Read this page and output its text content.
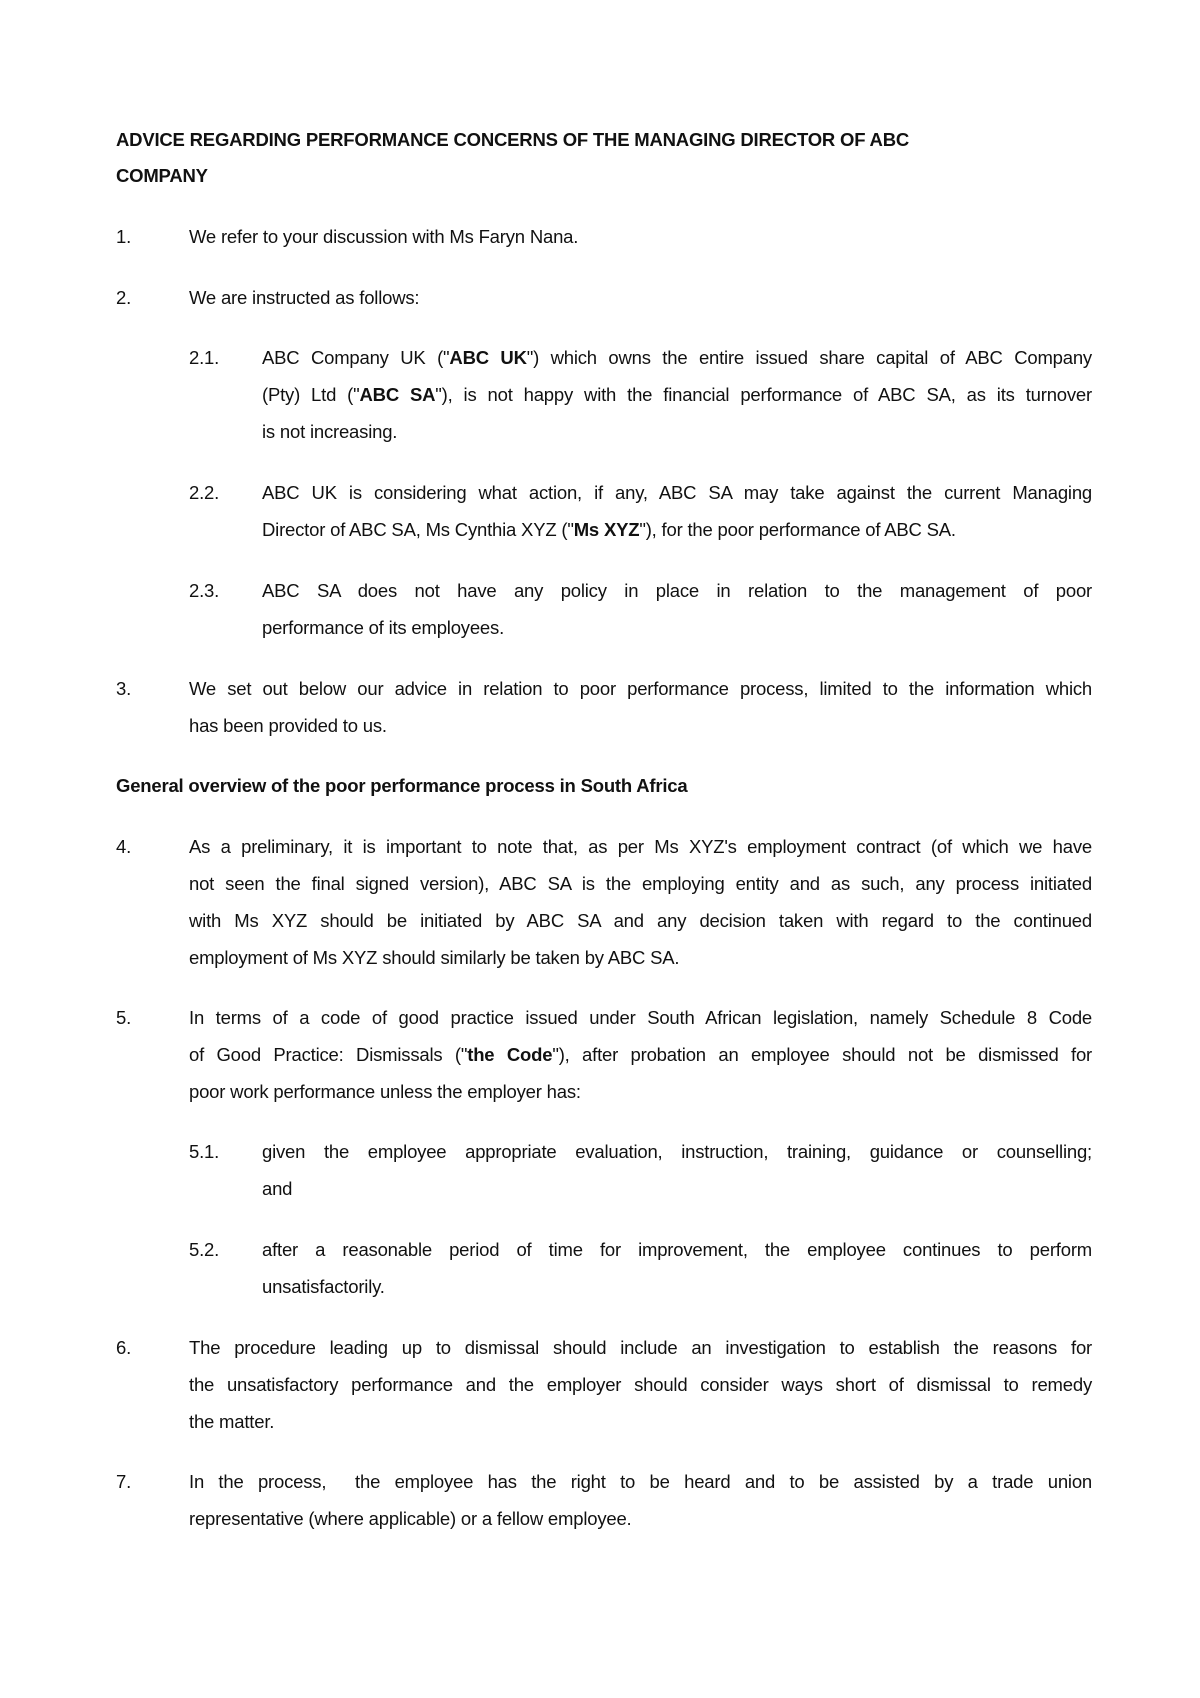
ADVICE REGARDING PERFORMANCE CONCERNS OF THE MANAGING DIRECTOR OF ABC
COMPANY
1.	We refer to your discussion with Ms Faryn Nana.
2.	We are instructed as follows:
2.1. ABC Company UK ("ABC UK") which owns the entire issued share capital of ABC Company
(Pty) Ltd ("ABC SA"), is not happy with the financial performance of ABC SA, as its turnover
is not increasing.
2.2. ABC UK is considering what action, if any, ABC SA may take against the current Managing
Director of ABC SA, Ms Cynthia XYZ ("Ms XYZ"), for the poor performance of ABC SA.
2.3. ABC SA does not have any policy in place in relation to the management of poor
performance of its employees.
3.	We set out below our advice in relation to poor performance process, limited to the information which
has been provided to us.
General overview of the poor performance process in South Africa
4.	As a preliminary, it is important to note that, as per Ms XYZ's employment contract (of which we have
not seen the final signed version), ABC SA is the employing entity and as such, any process initiated
with Ms XYZ should be initiated by ABC SA and any decision taken with regard to the continued
employment of Ms XYZ should similarly be taken by ABC SA.
5.	In terms of a code of good practice issued under South African legislation, namely Schedule 8 Code
of Good Practice: Dismissals ("the Code"), after probation an employee should not be dismissed for
poor work performance unless the employer has:
5.1. given the employee appropriate evaluation, instruction, training, guidance or counselling;
and
5.2. after a reasonable period of time for improvement, the employee continues to perform
unsatisfactorily.
6.	The procedure leading up to dismissal should include an investigation to establish the reasons for
the unsatisfactory performance and the employer should consider ways short of dismissal to remedy
the matter.
7.	In the process,  the employee has the right to be heard and to be assisted by a trade union
representative (where applicable) or a fellow employee.
